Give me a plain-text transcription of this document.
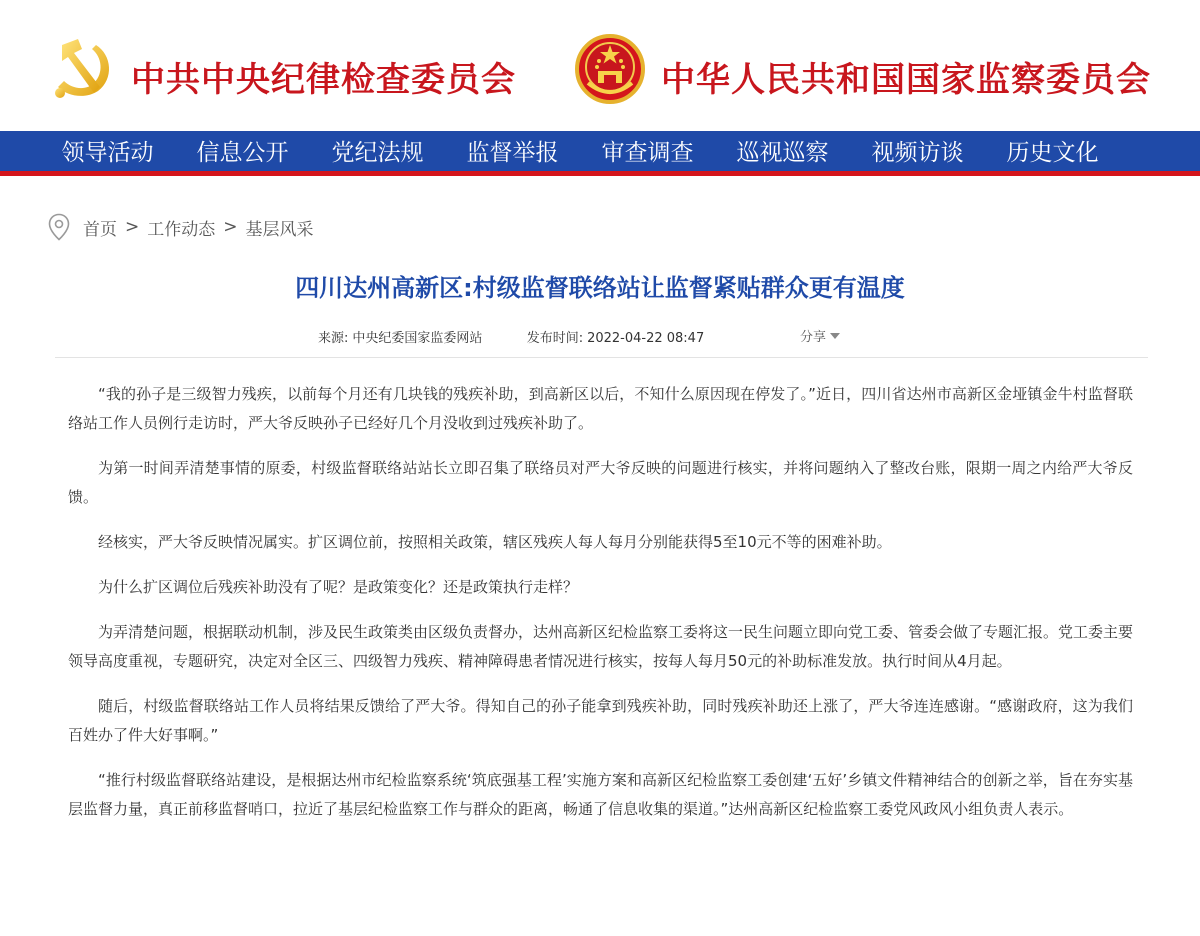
中共中央纪律检查委员会	中华人民共和国国家监察委员会
领导活动	信息公开	党纪法规	监督举报	审查调查	巡视巡察	视频访谈	历史文化
首页 > 工作动态 > 基层风采
四川达州高新区:村级监督联络站让监督紧贴群众更有温度
来源: 中央纪委国家监委网站	发布时间: 2022-04-22 08:47	分享

“我的孙子是三级智力残疾，以前每个月还有几块钱的残疾补助，到高新区以后，不知什么原因现在停发了。”近日，四川省达州市高新区金垭镇金牛村监督联络站工作人员例行走访时，严大爷反映孙子已经好几个月没收到过残疾补助了。

为第一时间弄清楚事情的原委，村级监督联络站站长立即召集了联络员对严大爷反映的问题进行核实，并将问题纳入了整改台账，限期一周之内给严大爷反馈。

经核实，严大爷反映情况属实。扩区调位前，按照相关政策，辖区残疾人每人每月分别能获得5至10元不等的困难补助。

为什么扩区调位后残疾补助没有了呢？是政策变化？还是政策执行走样？

为弄清楚问题，根据联动机制，涉及民生政策类由区级负责督办，达州高新区纪检监察工委将这一民生问题立即向党工委、管委会做了专题汇报。党工委主要领导高度重视，专题研究，决定对全区三、四级智力残疾、精神障碍患者情况进行核实，按每人每月50元的补助标准发放。执行时间从4月起。

随后，村级监督联络站工作人员将结果反馈给了严大爷。得知自己的孙子能拿到残疾补助，同时残疾补助还上涨了，严大爷连连感谢。“感谢政府，这为我们百姓办了件大好事啊。”

“推行村级监督联络站建设，是根据达州市纪检监察系统‘筑底强基工程’实施方案和高新区纪检监察工委创建‘五好’乡镇文件精神结合的创新之举，旨在夯实基层监督力量，真正前移监督哨口，拉近了基层纪检监察工作与群众的距离，畅通了信息收集的渠道。”达州高新区纪检监察工委党风政风小组负责人表示。
